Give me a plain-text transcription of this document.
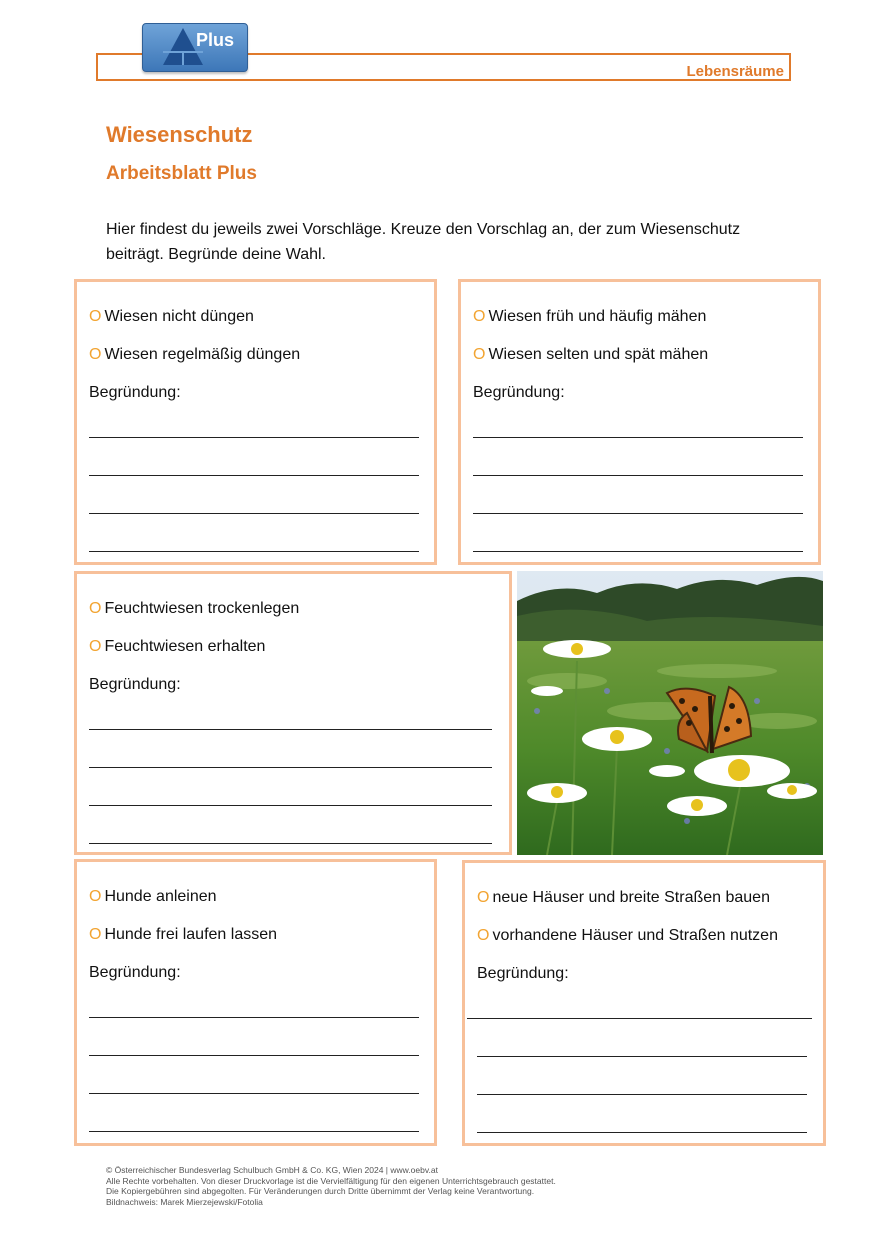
Lebensräume
Plus
Wiesenschutz
Arbeitsblatt Plus
Hier findest du jeweils zwei Vorschläge. Kreuze den Vorschlag an, der zum Wiesenschutz beiträgt. Begründe deine Wahl.
O Wiesen nicht düngen
O Wiesen regelmäßig düngen
Begründung:
O Wiesen früh und häufig mähen
O Wiesen selten und spät mähen
Begründung:
O Feuchtwiesen trockenlegen
O Feuchtwiesen erhalten
Begründung:
O Hunde anleinen
O Hunde frei laufen lassen
Begründung:
O neue Häuser und breite Straßen bauen
O vorhandene Häuser und Straßen nutzen
Begründung:
© Österreichischer Bundesverlag Schulbuch GmbH & Co. KG, Wien 2024 | www.oebv.at
Alle Rechte vorbehalten. Von dieser Druckvorlage ist die Vervielfältigung für den eigenen Unterrichtsgebrauch gestattet.
Die Kopiergebühren sind abgegolten. Für Veränderungen durch Dritte übernimmt der Verlag keine Verantwortung.
Bildnachweis: Marek Mierzejewski/Fotolia
